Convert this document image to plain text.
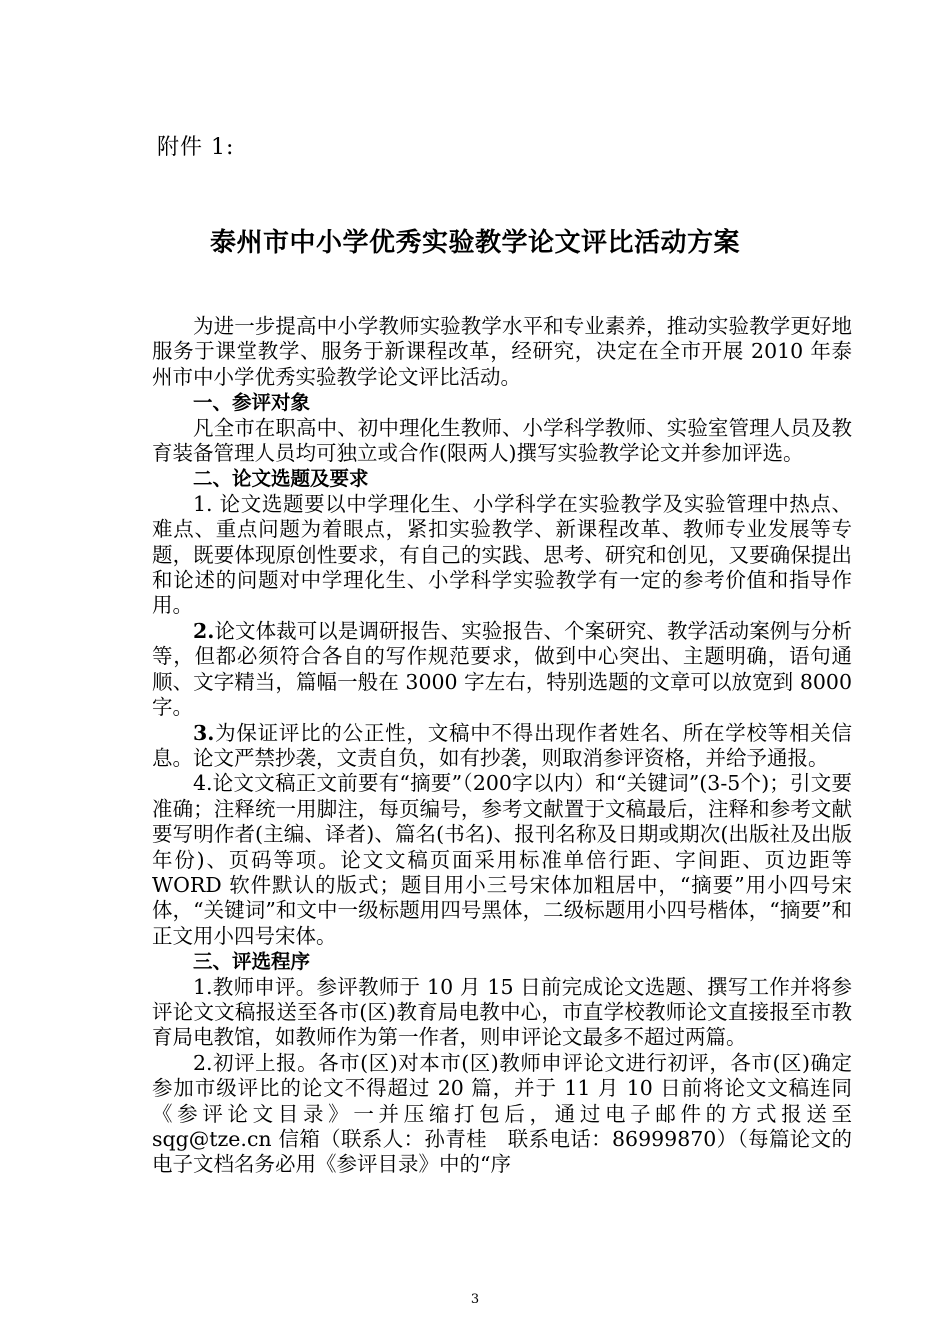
附件 1:
泰州市中小学优秀实验教学论文评比活动方案

为进一步提高中小学教师实验教学水平和专业素养，推动实验教学更好地服务于课堂教学、服务于新课程改革，经研究，决定在全市开展 2010 年泰州市中小学优秀实验教学论文评比活动。

一、参评对象

凡全市在职高中、初中理化生教师、小学科学教师、实验室管理人员及教育装备管理人员均可独立或合作(限两人)撰写实验教学论文并参加评选。

二、论文选题及要求

1. 论文选题要以中学理化生、小学科学在实验教学及实验管理中热点、难点、重点问题为着眼点，紧扣实验教学、新课程改革、教师专业发展等专题，既要体现原创性要求，有自己的实践、思考、研究和创见，又要确保提出和论述的问题对中学理化生、小学科学实验教学有一定的参考价值和指导作用。

2.论文体裁可以是调研报告、实验报告、个案研究、教学活动案例与分析等，但都必须符合各自的写作规范要求，做到中心突出、主题明确，语句通顺、文字精当，篇幅一般在 3000 字左右，特别选题的文章可以放宽到 8000 字。

3.为保证评比的公正性，文稿中不得出现作者姓名、所在学校等相关信息。论文严禁抄袭，文责自负，如有抄袭，则取消参评资格，并给予通报。

4.论文文稿正文前要有“摘要”（200字以内）和“关键词”(3-5个)；引文要准确；注释统一用脚注，每页编号，参考文献置于文稿最后，注释和参考文献要写明作者(主编、译者)、篇名(书名)、报刊名称及日期或期次(出版社及出版年份)、页码等项。论文文稿页面采用标准单倍行距、字间距、页边距等 WORD 软件默认的版式；题目用小三号宋体加粗居中，“摘要”用小四号宋体，“关键词”和文中一级标题用四号黑体，二级标题用小四号楷体，“摘要”和正文用小四号宋体。

三、评选程序

1.教师申评。参评教师于 10 月 15 日前完成论文选题、撰写工作并将参评论文文稿报送至各市(区)教育局电教中心，市直学校教师论文直接报至市教育局电教馆，如教师作为第一作者，则申评论文最多不超过两篇。

2.初评上报。各市(区)对本市(区)教师申评论文进行初评，各市(区)确定参加市级评比的论文不得超过 20 篇，并于 11 月 10 日前将论文文稿连同《参评论文目录》一并压缩打包后，通过电子邮件的方式报送至 sqg@tze.cn 信箱（联系人：孙青桂　联系电话：86999870）（每篇论文的电子文档名务必用《参评目录》中的“序

3
